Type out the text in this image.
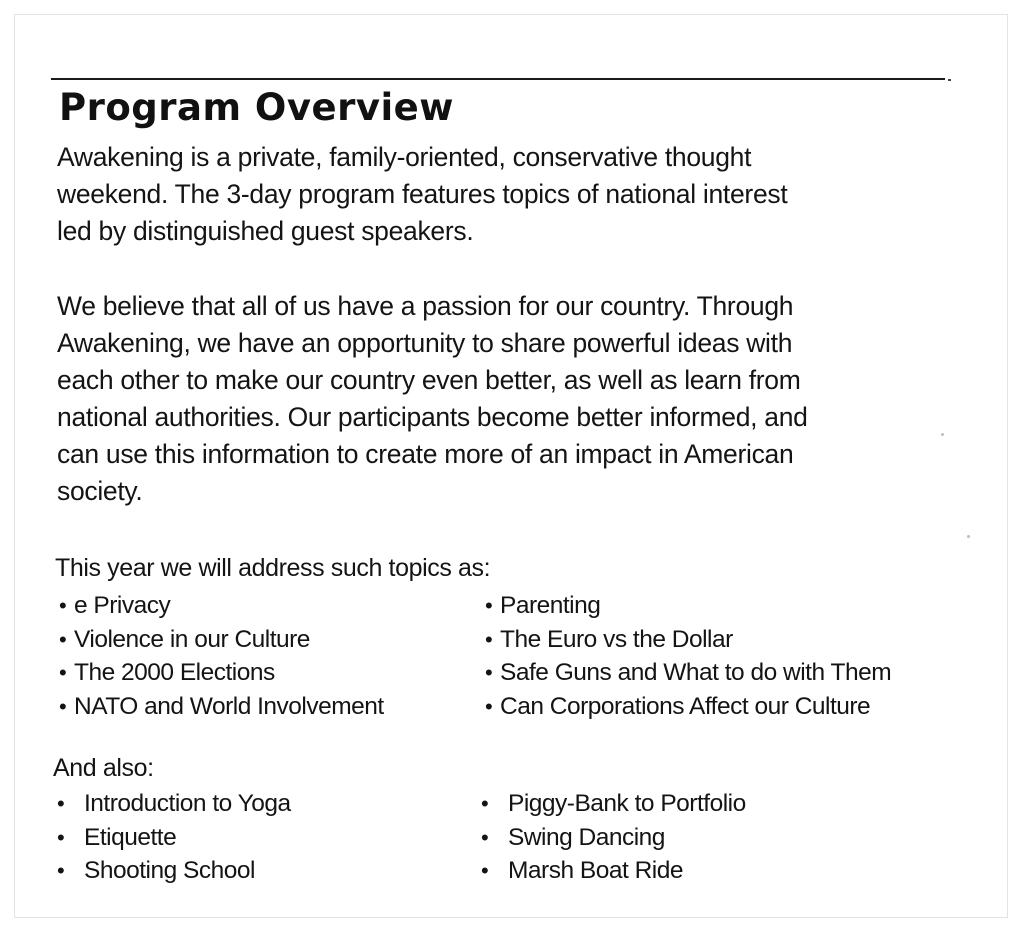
Program Overview

Awakening is a private, family-oriented, conservative thought
weekend. The 3-day program features topics of national interest
led by distinguished guest speakers.

We believe that all of us have a passion for our country. Through
Awakening, we have an opportunity to share powerful ideas with
each other to make our country even better, as well as learn from
national authorities. Our participants become better informed, and
can use this information to create more of an impact in American
society.

This year we will address such topics as:

• e Privacy
• Violence in our Culture
• The 2000 Elections
• NATO and World Involvement
• Parenting
• The Euro vs the Dollar
• Safe Guns and What to do with Them
• Can Corporations Affect our Culture

And also:

• Introduction to Yoga
• Etiquette
• Shooting School
• Piggy-Bank to Portfolio
• Swing Dancing
• Marsh Boat Ride
